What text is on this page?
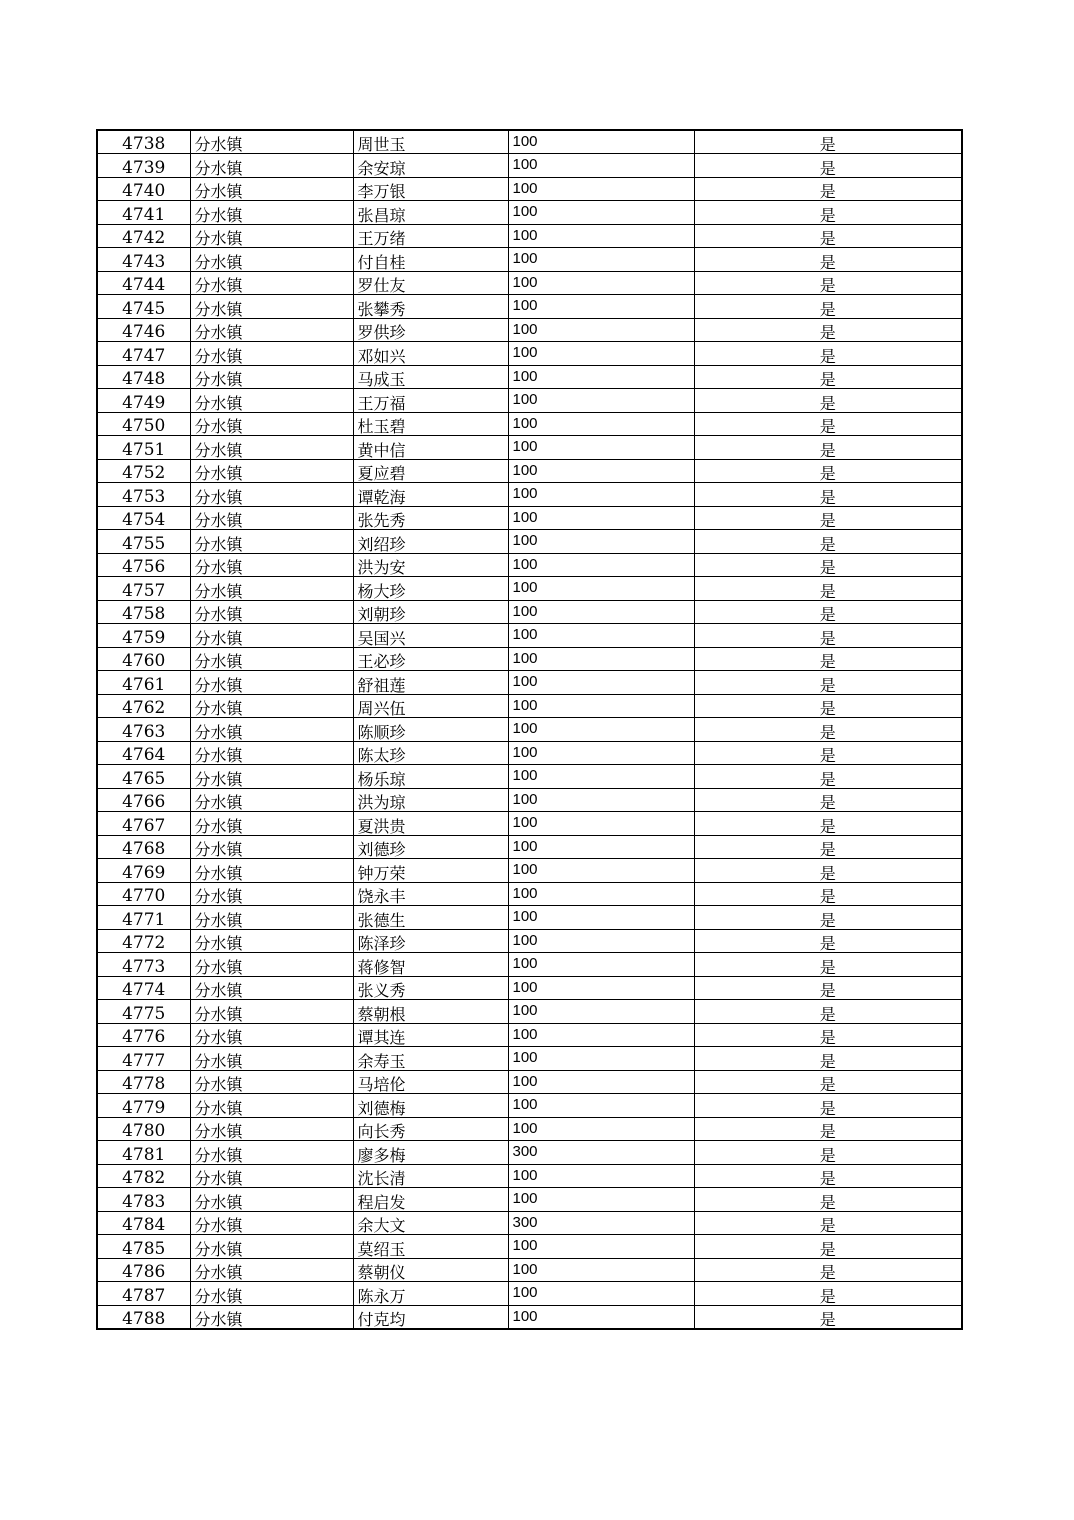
4738	分水镇	周世玉	100	是
4739	分水镇	余安琼	100	是
4740	分水镇	李万银	100	是
4741	分水镇	张昌琼	100	是
4742	分水镇	王万绪	100	是
4743	分水镇	付自桂	100	是
4744	分水镇	罗仕友	100	是
4745	分水镇	张攀秀	100	是
4746	分水镇	罗供珍	100	是
4747	分水镇	邓如兴	100	是
4748	分水镇	马成玉	100	是
4749	分水镇	王万福	100	是
4750	分水镇	杜玉碧	100	是
4751	分水镇	黄中信	100	是
4752	分水镇	夏应碧	100	是
4753	分水镇	谭乾海	100	是
4754	分水镇	张先秀	100	是
4755	分水镇	刘绍珍	100	是
4756	分水镇	洪为安	100	是
4757	分水镇	杨大珍	100	是
4758	分水镇	刘朝珍	100	是
4759	分水镇	吴国兴	100	是
4760	分水镇	王必珍	100	是
4761	分水镇	舒祖莲	100	是
4762	分水镇	周兴伍	100	是
4763	分水镇	陈顺珍	100	是
4764	分水镇	陈太珍	100	是
4765	分水镇	杨乐琼	100	是
4766	分水镇	洪为琼	100	是
4767	分水镇	夏洪贵	100	是
4768	分水镇	刘德珍	100	是
4769	分水镇	钟万荣	100	是
4770	分水镇	饶永丰	100	是
4771	分水镇	张德生	100	是
4772	分水镇	陈泽珍	100	是
4773	分水镇	蒋修智	100	是
4774	分水镇	张义秀	100	是
4775	分水镇	蔡朝根	100	是
4776	分水镇	谭其连	100	是
4777	分水镇	余寿玉	100	是
4778	分水镇	马培伦	100	是
4779	分水镇	刘德梅	100	是
4780	分水镇	向长秀	100	是
4781	分水镇	廖多梅	300	是
4782	分水镇	沈长清	100	是
4783	分水镇	程启发	100	是
4784	分水镇	余大文	300	是
4785	分水镇	莫绍玉	100	是
4786	分水镇	蔡朝仪	100	是
4787	分水镇	陈永万	100	是
4788	分水镇	付克均	100	是
